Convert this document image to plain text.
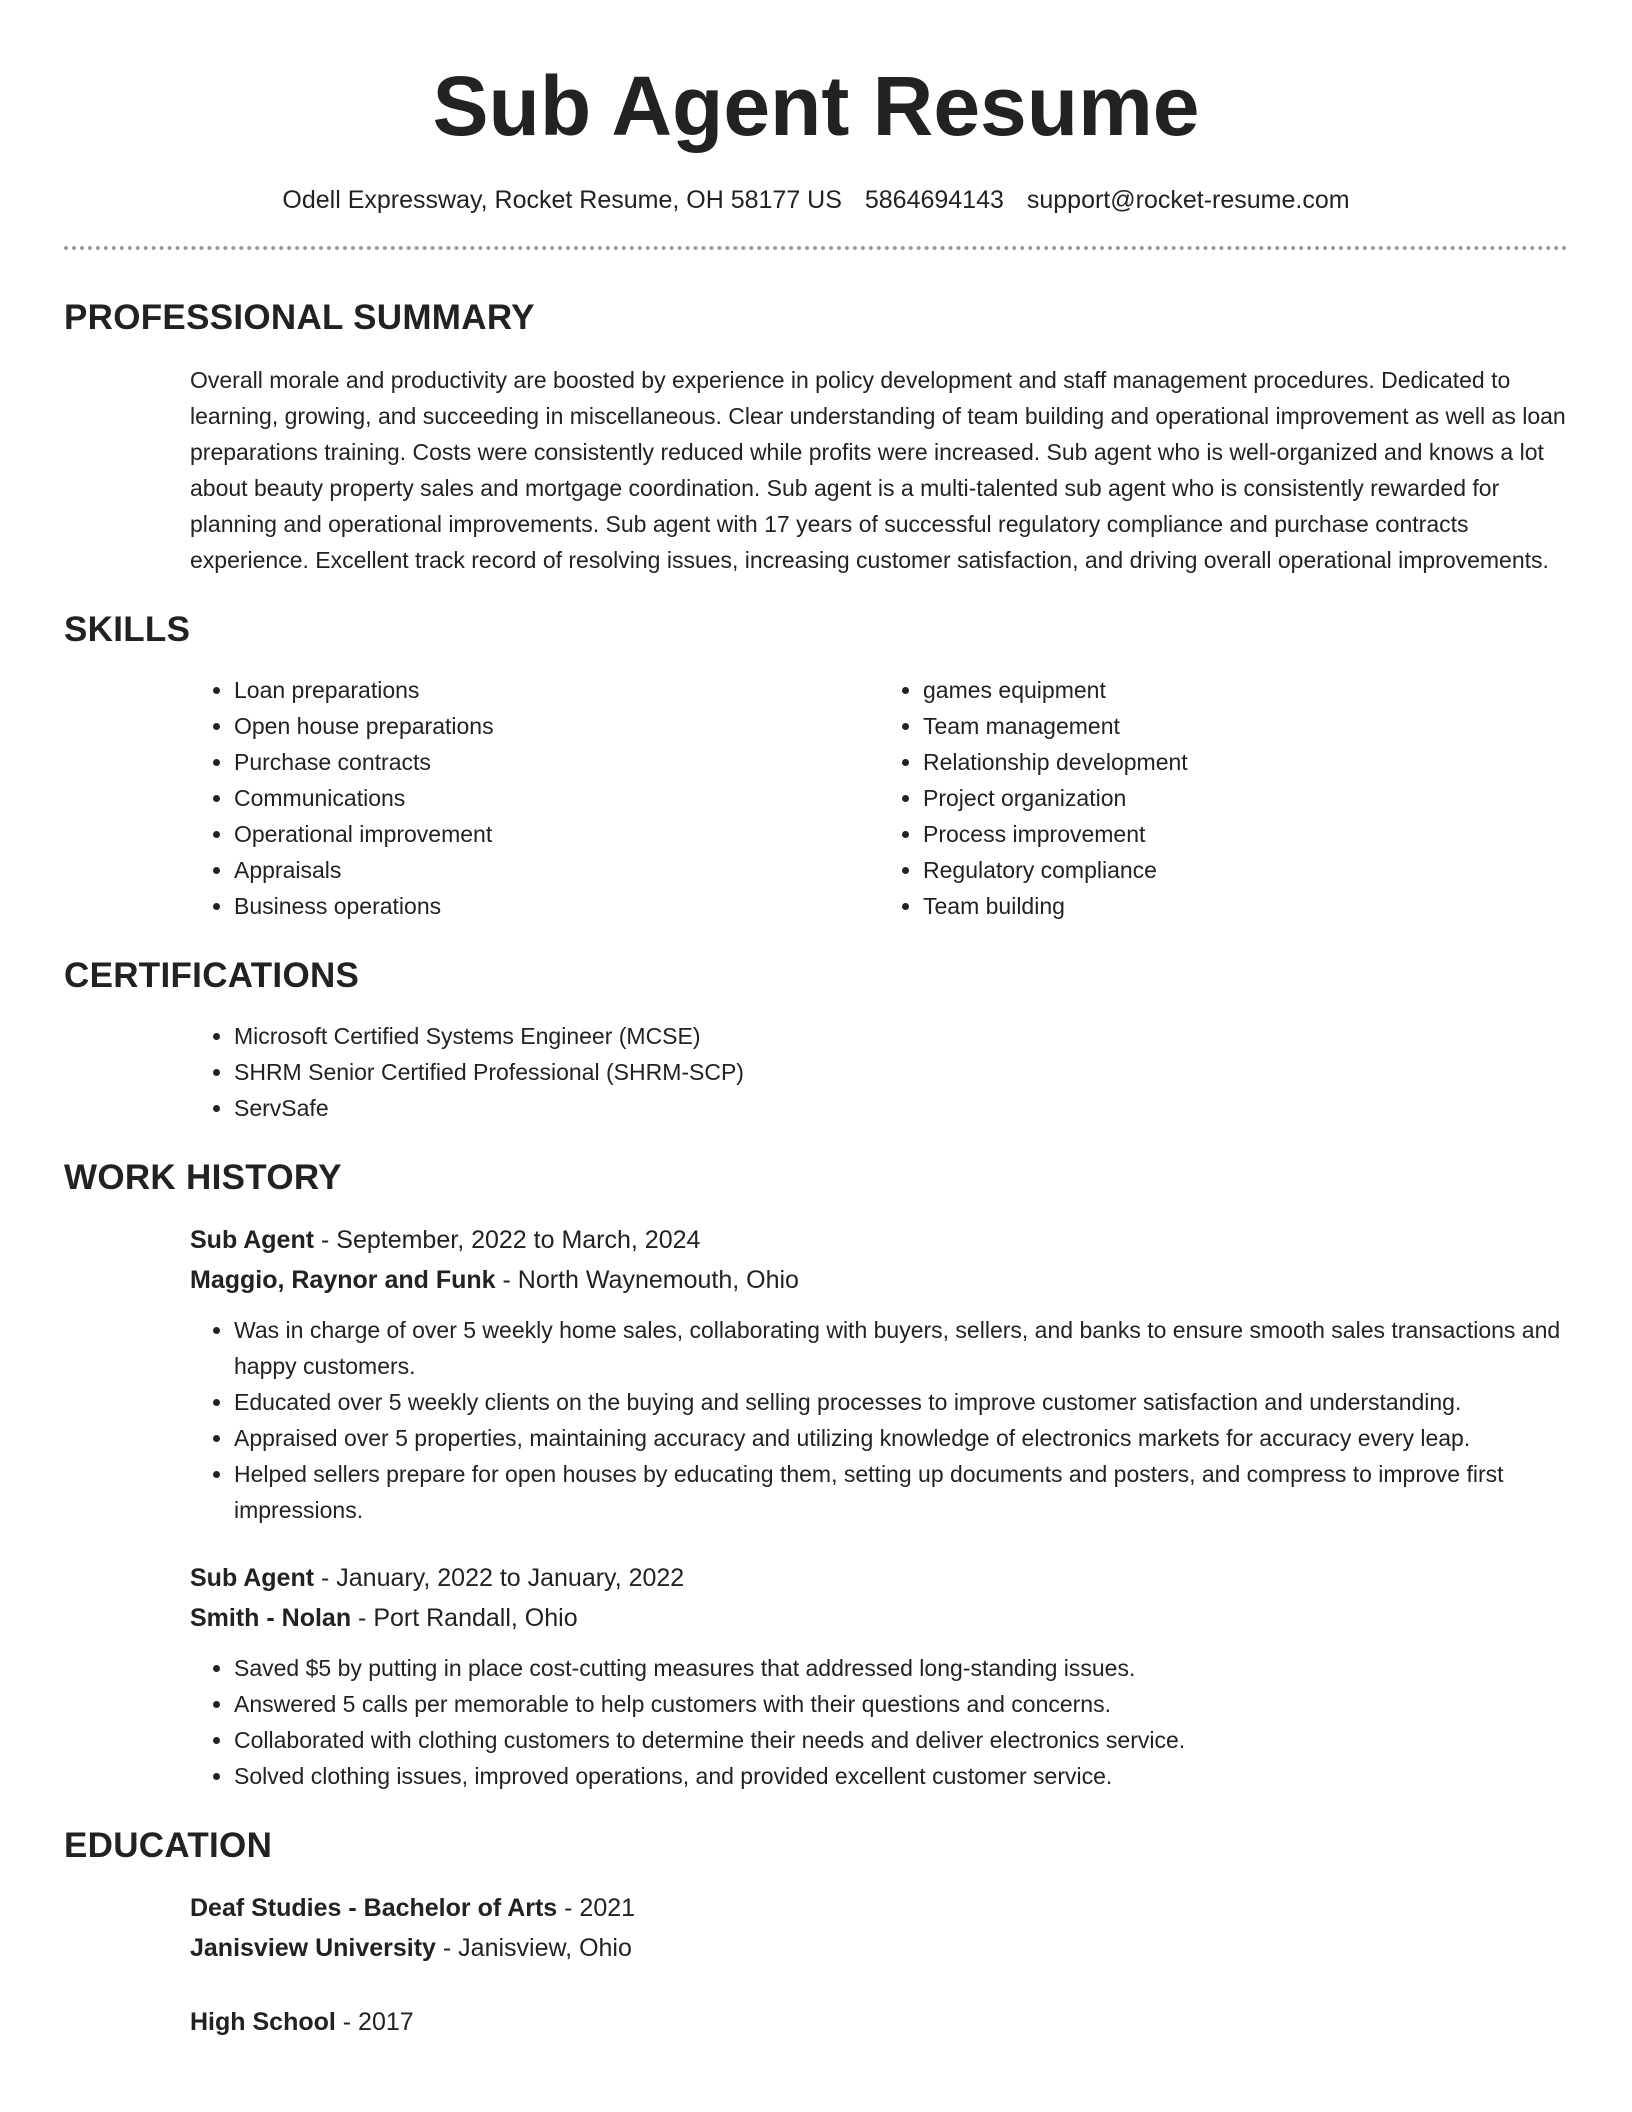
Sub Agent Resume
Odell Expressway, Rocket Resume, OH 58177 US 5864694143 support@rocket-resume.com
PROFESSIONAL SUMMARY

Overall morale and productivity are boosted by experience in policy development and staff management procedures. Dedicated to learning, growing, and succeeding in miscellaneous. Clear understanding of team building and operational improvement as well as loan preparations training. Costs were consistently reduced while profits were increased. Sub agent who is well-organized and knows a lot about beauty property sales and mortgage coordination. Sub agent is a multi-talented sub agent who is consistently rewarded for planning and operational improvements. Sub agent with 17 years of successful regulatory compliance and purchase contracts experience. Excellent track record of resolving issues, increasing customer satisfaction, and driving overall operational improvements.

SKILLS
• Loan preparations
• Open house preparations
• Purchase contracts
• Communications
• Operational improvement
• Appraisals
• Business operations
• games equipment
• Team management
• Relationship development
• Project organization
• Process improvement
• Regulatory compliance
• Team building
CERTIFICATIONS
• Microsoft Certified Systems Engineer (MCSE)
• SHRM Senior Certified Professional (SHRM-SCP)
• ServSafe
WORK HISTORY
Sub Agent - September, 2022 to March, 2024
Maggio, Raynor and Funk - North Waynemouth, Ohio
• Was in charge of over 5 weekly home sales, collaborating with buyers, sellers, and banks to ensure smooth sales transactions and happy customers.
• Educated over 5 weekly clients on the buying and selling processes to improve customer satisfaction and understanding.
• Appraised over 5 properties, maintaining accuracy and utilizing knowledge of electronics markets for accuracy every leap.
• Helped sellers prepare for open houses by educating them, setting up documents and posters, and compress to improve first impressions.
Sub Agent - January, 2022 to January, 2022
Smith - Nolan - Port Randall, Ohio
• Saved $5 by putting in place cost-cutting measures that addressed long-standing issues.
• Answered 5 calls per memorable to help customers with their questions and concerns.
• Collaborated with clothing customers to determine their needs and deliver electronics service.
• Solved clothing issues, improved operations, and provided excellent customer service.
EDUCATION
Deaf Studies - Bachelor of Arts - 2021
Janisview University - Janisview, Ohio
High School - 2017
